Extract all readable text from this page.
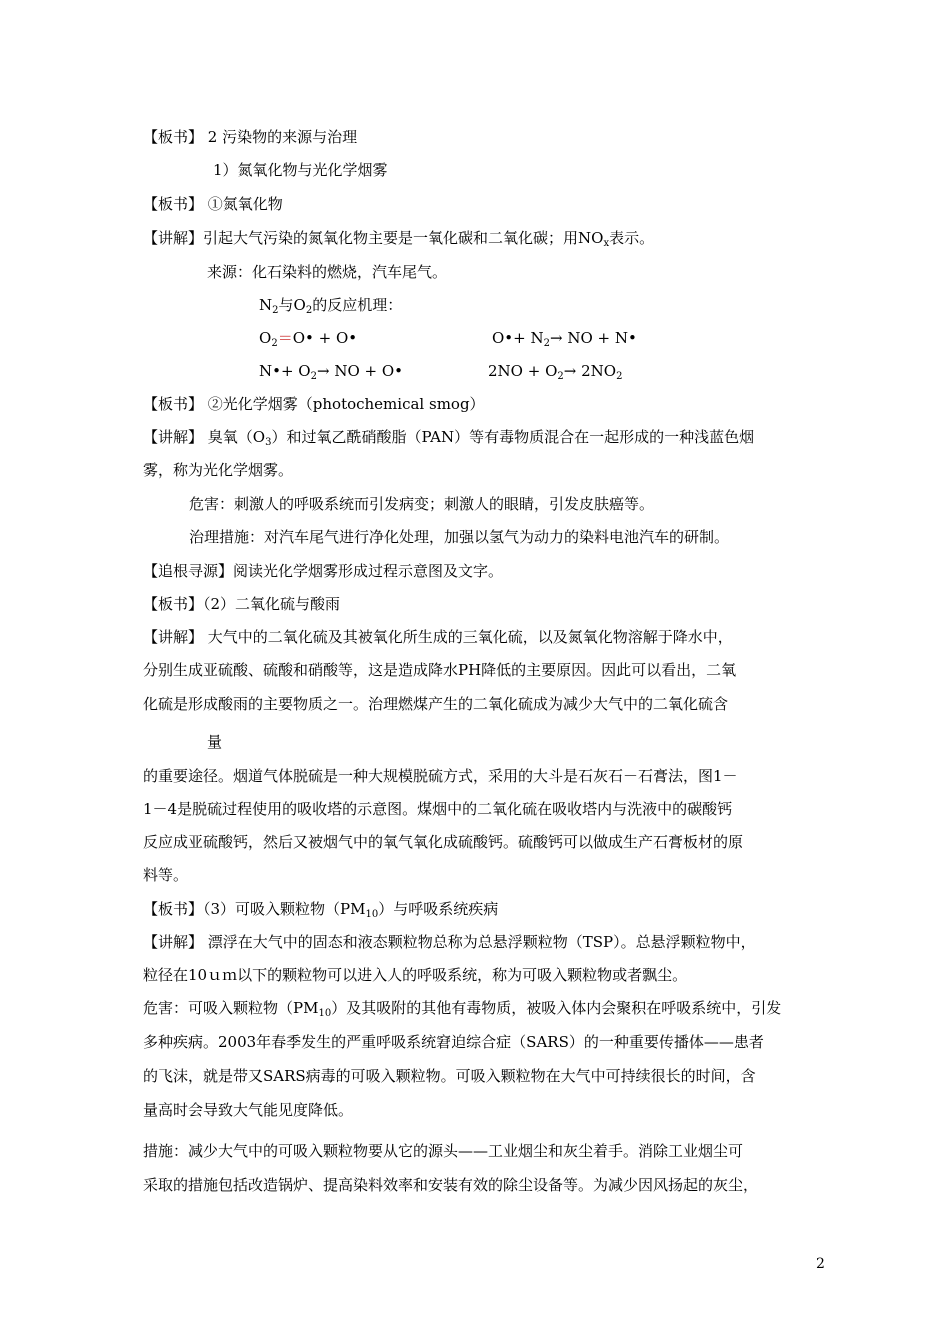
【板书】 2 污染物的来源与治理
1）氮氧化物与光化学烟雾
【板书】 ①氮氧化物
【讲解】引起大气污染的氮氧化物主要是一氧化碳和二氧化碳；用$NO_x$表示。
来源：化石染料的燃烧，汽车尾气。
$N_2$与$O_2$的反应机理：
$O_2=O•$ + O•	O•+ $N_2\to$ NO + N•
N•+ $O_2\to$ NO + O•	$2NO + O_2\to 2NO_2$
【板书】 ②光化学烟雾（photochemical smog）
【讲解】 臭氧$(O_3)$和过氧乙酰硝酸脂（PAN）等有毒物质混合在一起形成的一种浅蓝色烟
雾，称为光化学烟雾。
危害：刺激人的呼吸系统而引发病变；刺激人的眼睛，引发皮肤癌等。
治理措施：对汽车尾气进行净化处理，加强以氢气为动力的染料电池汽车的研制。
【追根寻源】阅读光化学烟雾形成过程示意图及文字。
【板书】（2）二氧化硫与酸雨
【讲解】 大气中的二氧化硫及其被氧化所生成的三氧化硫，以及氮氧化物溶解于降水中，
分别生成亚硫酸、硫酸和硝酸等，这是造成降水PH降低的主要原因。因此可以看出，二氧
化硫是形成酸雨的主要物质之一。治理燃煤产生的二氧化硫成为减少大气中的二氧化硫含
量
的重要途径。烟道气体脱硫是一种大规模脱硫方式，采用的大斗是石灰石－石膏法，图1－
1－4是脱硫过程使用的吸收塔的示意图。煤烟中的二氧化硫在吸收塔内与洗液中的碳酸钙
反应成亚硫酸钙，然后又被烟气中的氧气氧化成硫酸钙。硫酸钙可以做成生产石膏板材的原
料等。
【板书】（3）可吸入颗粒物$(PM_{10})$与呼吸系统疾病
【讲解】 漂浮在大气中的固态和液态颗粒物总称为总悬浮颗粒物（TSP）。总悬浮颗粒物中，
粒径在10ｕｍ以下的颗粒物可以进入人的呼吸系统，称为可吸入颗粒物或者飘尘。
危害：可吸入颗粒物$(PM_{10})$及其吸附的其他有毒物质，被吸入体内会聚积在呼吸系统中，引发
多种疾病。2003年春季发生的严重呼吸系统窘迫综合症（SARS）的一种重要传播体——患者
的飞沫，就是带又SARS病毒的可吸入颗粒物。可吸入颗粒物在大气中可持续很长的时间，含
量高时会导致大气能见度降低。
措施：减少大气中的可吸入颗粒物要从它的源头——工业烟尘和灰尘着手。消除工业烟尘可
采取的措施包括改造锅炉、提高染料效率和安装有效的除尘设备等。为减少因风扬起的灰尘，
2
